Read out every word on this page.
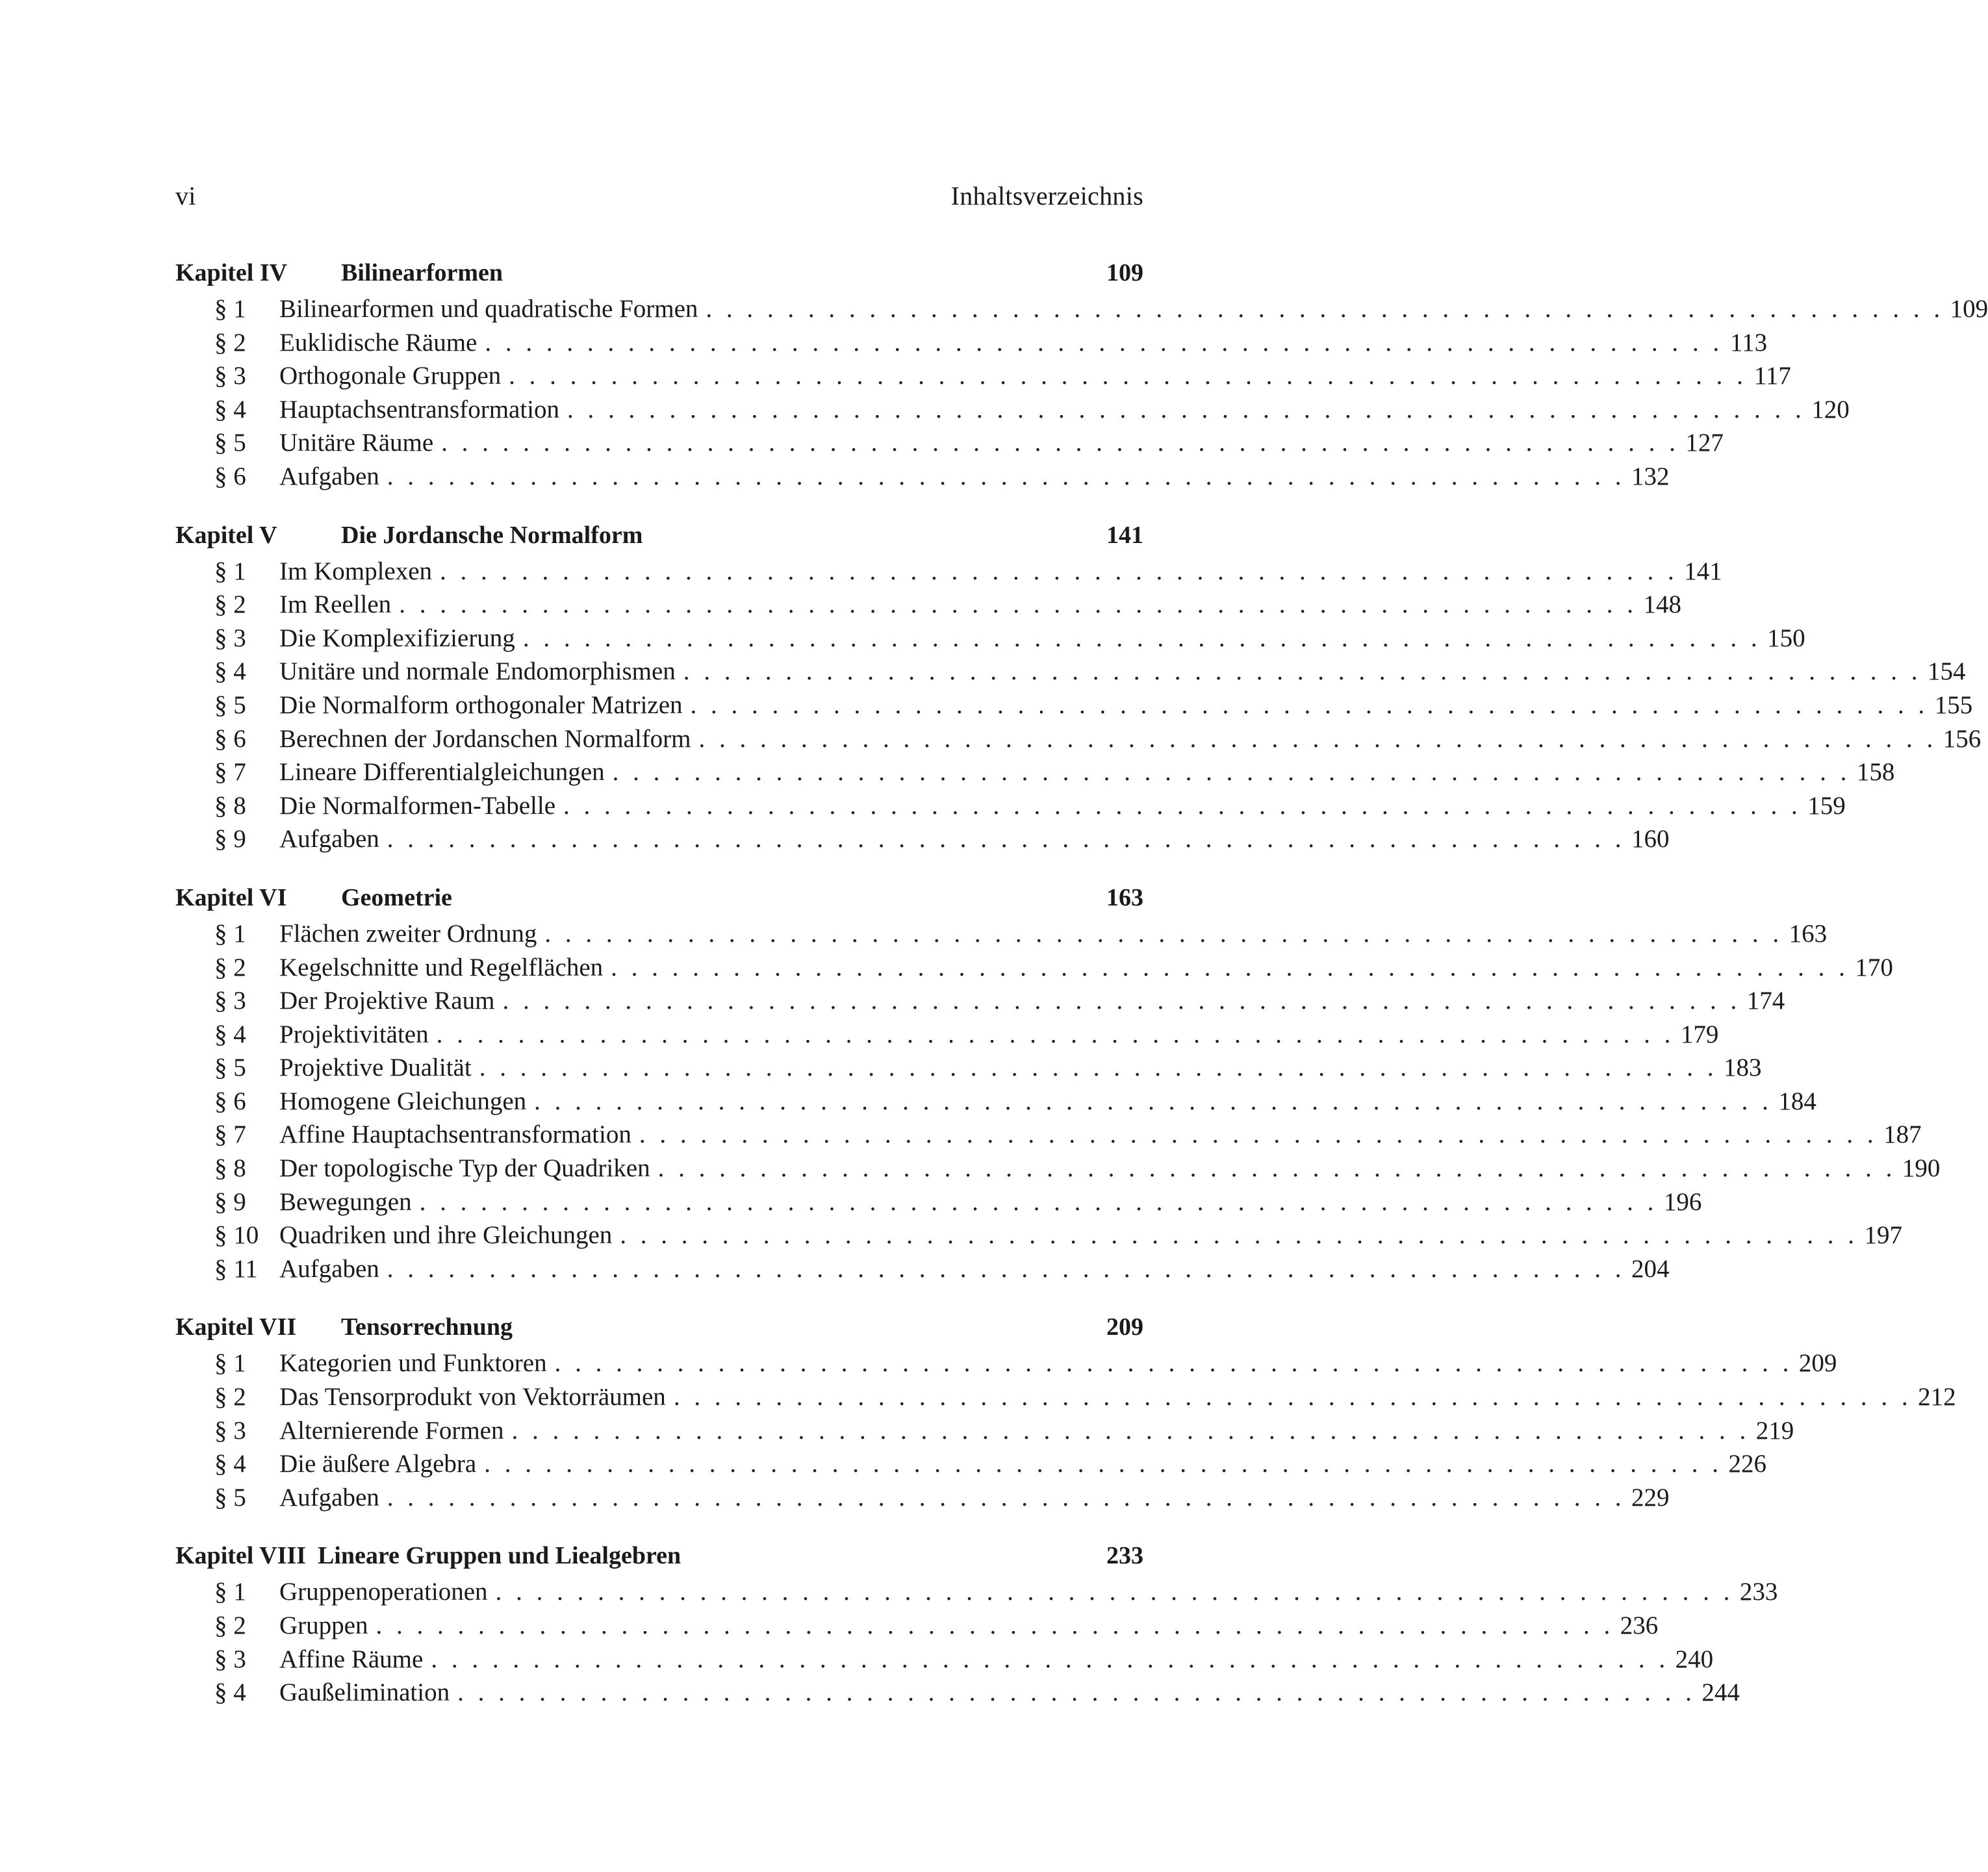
vi	Inhaltsverzeichnis
Kapitel IV	Bilinearformen	109
§ 1	Bilinearformen und quadratische Formen . . .	109
§ 2	Euklidische Räume . . .	113
§ 3	Orthogonale Gruppen . . .	117
§ 4	Hauptachsentransformation . . .	120
§ 5	Unitäre Räume . . .	127
§ 6	Aufgaben . . .	132
Kapitel V	Die Jordansche Normalform	141
§ 1	Im Komplexen . . .	141
§ 2	Im Reellen . . .	148
§ 3	Die Komplexifizierung . . .	150
§ 4	Unitäre und normale Endomorphismen . . .	154
§ 5	Die Normalform orthogonaler Matrizen . . .	155
§ 6	Berechnen der Jordanschen Normalform . . .	156
§ 7	Lineare Differentialgleichungen . . .	158
§ 8	Die Normalformen-Tabelle . . .	159
§ 9	Aufgaben . . .	160
Kapitel VI	Geometrie	163
§ 1	Flächen zweiter Ordnung . . .	163
§ 2	Kegelschnitte und Regelflächen . . .	170
§ 3	Der Projektive Raum . . .	174
§ 4	Projektivitäten . . .	179
§ 5	Projektive Dualität . . .	183
§ 6	Homogene Gleichungen . . .	184
§ 7	Affine Hauptachsentransformation . . .	187
§ 8	Der topologische Typ der Quadriken . . .	190
§ 9	Bewegungen . . .	196
§ 10 Quadriken und ihre Gleichungen . . .	197
§ 11 Aufgaben . . .	204
Kapitel VII	Tensorrechnung	209
§ 1	Kategorien und Funktoren . . .	209
§ 2	Das Tensorprodukt von Vektorräumen . . .	212
§ 3	Alternierende Formen . . .	219
§ 4	Die äußere Algebra . . .	226
§ 5	Aufgaben . . .	229
Kapitel VIII Lineare Gruppen und Liealgebren	233
§ 1	Gruppenoperationen . . .	233
§ 2	Gruppen . . .	236
§ 3	Affine Räume . . .	240
§ 4	Gaußelimination . . .	244
